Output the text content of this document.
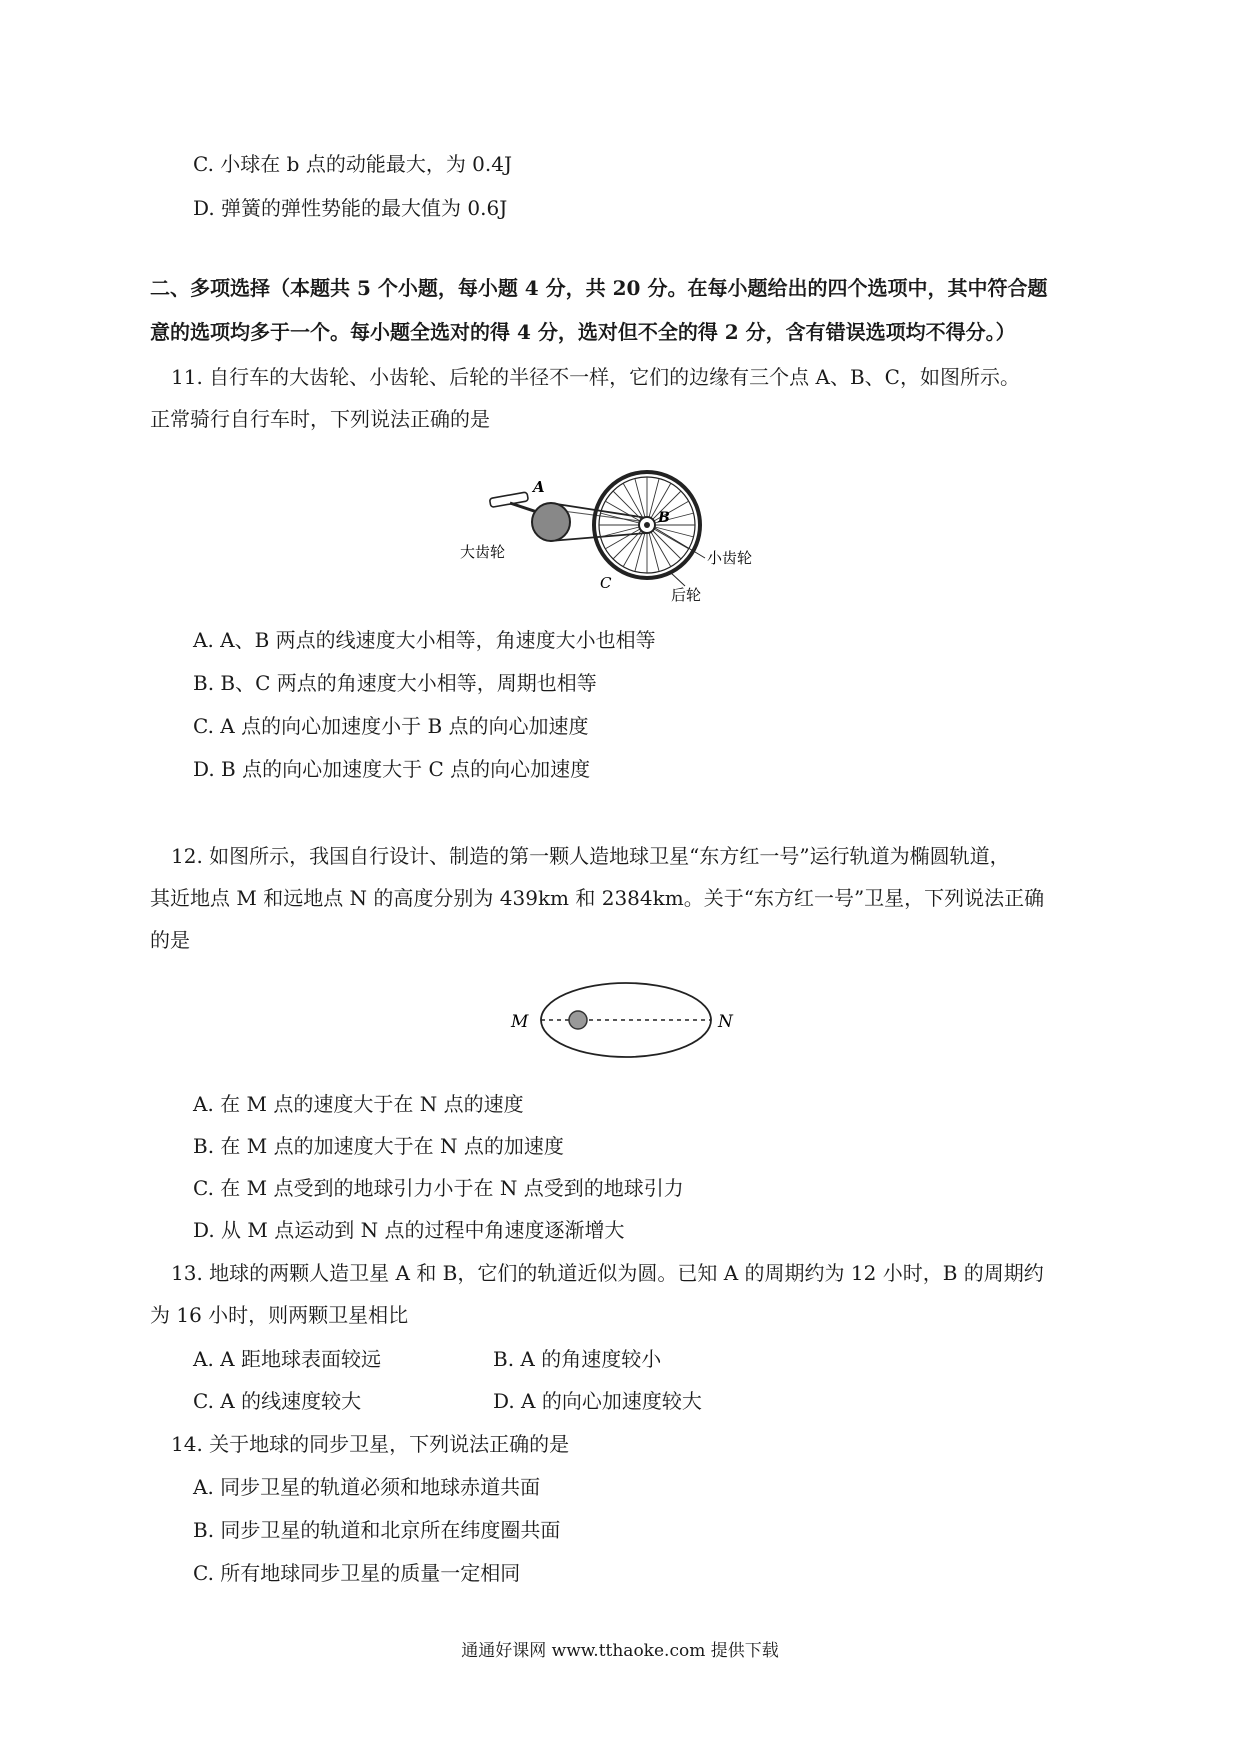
C. 小球在 b 点的动能最大，为 0.4J
D. 弹簧的弹性势能的最大值为 0.6J
二、多项选择（本题共 5 个小题，每小题 4 分，共 20 分。在每小题给出的四个选项中，其中符合题
意的选项均多于一个。每小题全选对的得 4 分，选对但不全的得 2 分，含有错误选项均不得分。）
11. 自行车的大齿轮、小齿轮、后轮的半径不一样，它们的边缘有三个点 A、B、C，如图所示。
正常骑行自行车时，下列说法正确的是
A
B
C
大齿轮	小齿轮
后轮
A. A、B 两点的线速度大小相等，角速度大小也相等
B. B、C 两点的角速度大小相等，周期也相等
C. A 点的向心加速度小于 B 点的向心加速度
D. B 点的向心加速度大于 C 点的向心加速度
12. 如图所示，我国自行设计、制造的第一颗人造地球卫星“东方红一号”运行轨道为椭圆轨道，
其近地点 M 和远地点 N 的高度分别为 439km 和 2384km。关于“东方红一号”卫星，下列说法正确
的是
M	N
A. 在 M 点的速度大于在 N 点的速度
B. 在 M 点的加速度大于在 N 点的加速度
C. 在 M 点受到的地球引力小于在 N 点受到的地球引力
D. 从 M 点运动到 N 点的过程中角速度逐渐增大
13. 地球的两颗人造卫星 A 和 B，它们的轨道近似为圆。已知 A 的周期约为 12 小时，B 的周期约
为 16 小时，则两颗卫星相比
A. A 距地球表面较远	B. A 的角速度较小
C. A 的线速度较大	D. A 的向心加速度较大
14. 关于地球的同步卫星，下列说法正确的是
A. 同步卫星的轨道必须和地球赤道共面
B. 同步卫星的轨道和北京所在纬度圈共面
C. 所有地球同步卫星的质量一定相同
通通好课网 www.tthaoke.com 提供下载
